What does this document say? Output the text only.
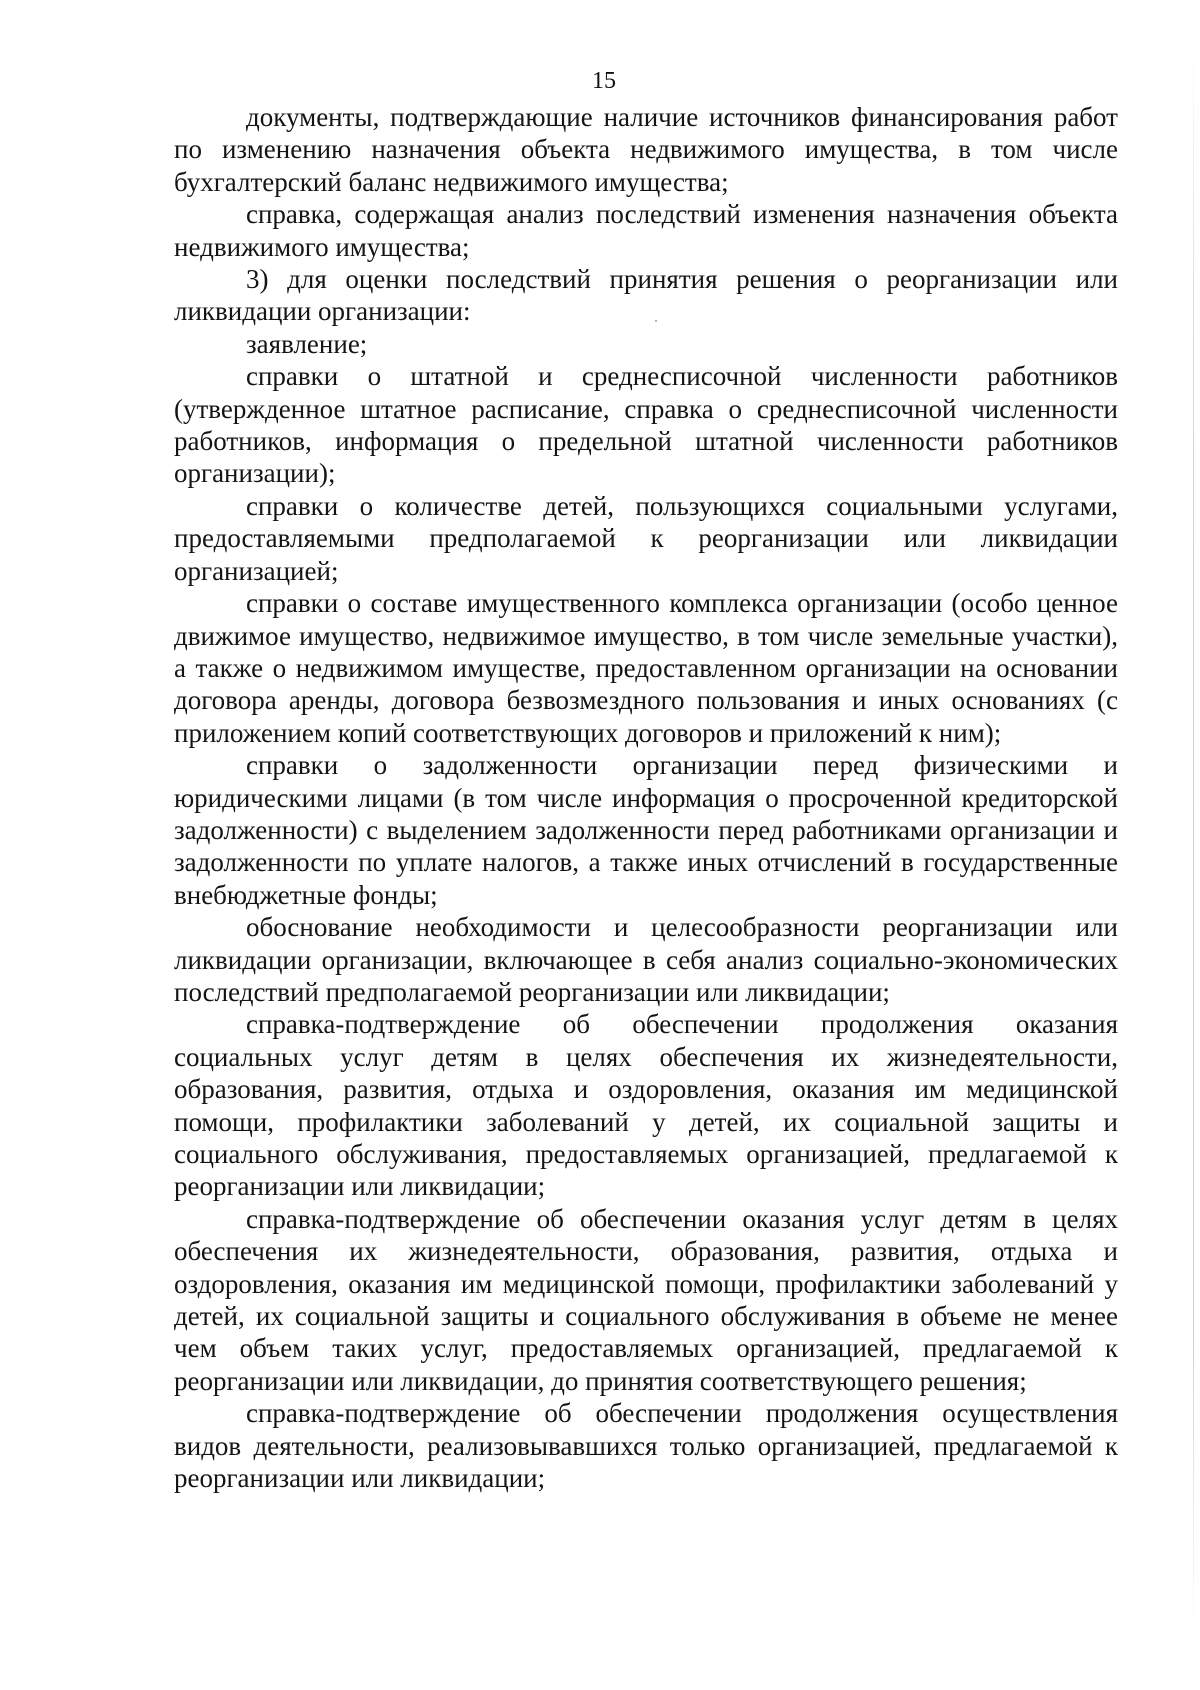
15

документы, подтверждающие наличие источников финансирования работ по изменению назначения объекта недвижимого имущества, в том числе бухгалтерский баланс недвижимого имущества;

справка, содержащая анализ последствий изменения назначения объекта недвижимого имущества;

3) для оценки последствий принятия решения о реорганизации или ликвидации организации:

заявление;

справки о штатной и среднесписочной численности работников (утвержденное штатное расписание, справка о среднесписочной численности работников, информация о предельной штатной численности работников организации);

справки о количестве детей, пользующихся социальными услугами, предоставляемыми предполагаемой к реорганизации или ликвидации организацией;

справки о составе имущественного комплекса организации (особо ценное движимое имущество, недвижимое имущество, в том числе земельные участки), а также о недвижимом имуществе, предоставленном организации на основании договора аренды, договора безвозмездного пользования и иных основаниях (с приложением копий соответствующих договоров и приложений к ним);

справки о задолженности организации перед физическими и юридическими лицами (в том числе информация о просроченной кредиторской задолженности) с выделением задолженности перед работниками организации и задолженности по уплате налогов, а также иных отчислений в государственные внебюджетные фонды;

обоснование необходимости и целесообразности реорганизации или ликвидации организации, включающее в себя анализ социально-экономических последствий предполагаемой реорганизации или ликвидации;

справка-подтверждение об обеспечении продолжения оказания социальных услуг детям в целях обеспечения их жизнедеятельности, образования, развития, отдыха и оздоровления, оказания им медицинской помощи, профилактики заболеваний у детей, их социальной защиты и социального обслуживания, предоставляемых организацией, предлагаемой к реорганизации или ликвидации;

справка-подтверждение об обеспечении оказания услуг детям в целях обеспечения их жизнедеятельности, образования, развития, отдыха и оздоровления, оказания им медицинской помощи, профилактики заболеваний у детей, их социальной защиты и социального обслуживания в объеме не менее чем объем таких услуг, предоставляемых организацией, предлагаемой к реорганизации или ликвидации, до принятия соответствующего решения;

справка-подтверждение об обеспечении продолжения осуществления видов деятельности, реализовывавшихся только организацией, предлагаемой к реорганизации или ликвидации;
